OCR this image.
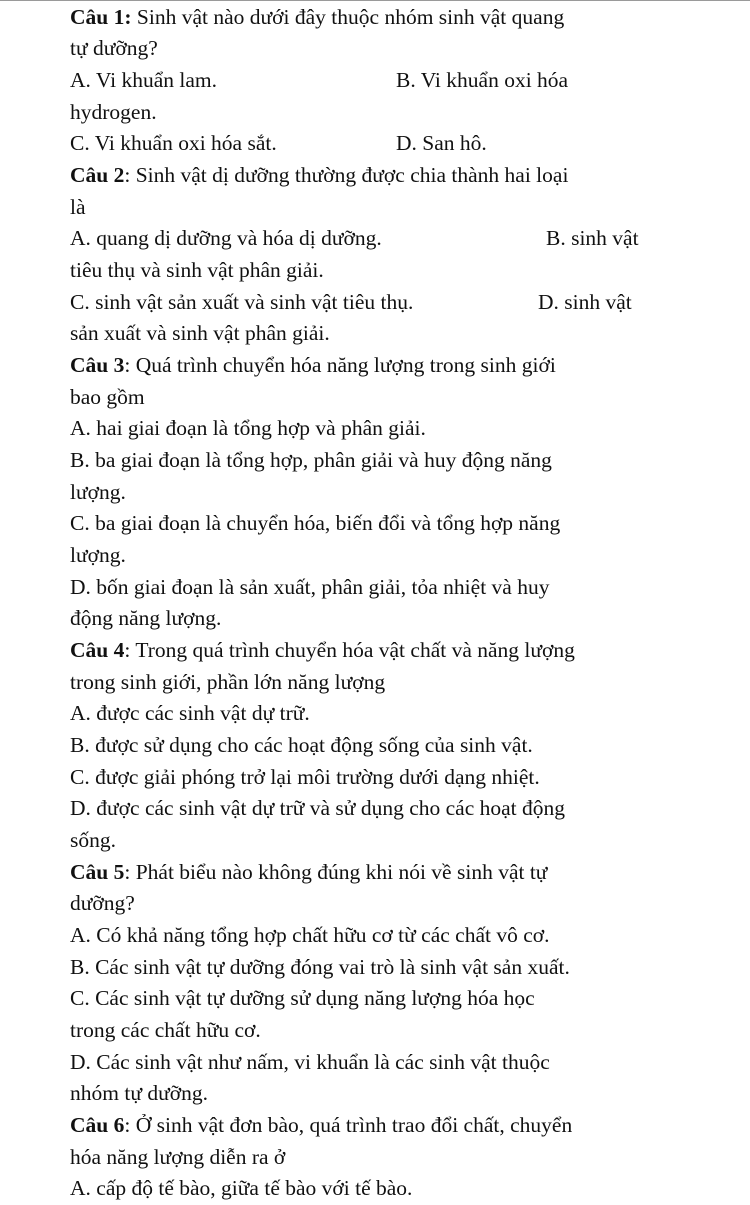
Câu 1: Sinh vật nào dưới đây thuộc nhóm sinh vật quang
tự dưỡng?
A. Vi khuẩn lam.	B. Vi khuẩn oxi hóa
hydrogen.
C. Vi khuẩn oxi hóa sắt.	D. San hô.
Câu 2: Sinh vật dị dưỡng thường được chia thành hai loại
là
A. quang dị dưỡng và hóa dị dưỡng.	B. sinh vật
tiêu thụ và sinh vật phân giải.
C. sinh vật sản xuất và sinh vật tiêu thụ.	D. sinh vật
sản xuất và sinh vật phân giải.
Câu 3: Quá trình chuyển hóa năng lượng trong sinh giới
bao gồm
A. hai giai đoạn là tổng hợp và phân giải.
B. ba giai đoạn là tổng hợp, phân giải và huy động năng
lượng.
C. ba giai đoạn là chuyển hóa, biến đổi và tổng hợp năng
lượng.
D. bốn giai đoạn là sản xuất, phân giải, tỏa nhiệt và huy
động năng lượng.
Câu 4: Trong quá trình chuyển hóa vật chất và năng lượng
trong sinh giới, phần lớn năng lượng
A. được các sinh vật dự trữ.
B. được sử dụng cho các hoạt động sống của sinh vật.
C. được giải phóng trở lại môi trường dưới dạng nhiệt.
D. được các sinh vật dự trữ và sử dụng cho các hoạt động
sống.
Câu 5: Phát biểu nào không đúng khi nói về sinh vật tự
dưỡng?
A. Có khả năng tổng hợp chất hữu cơ từ các chất vô cơ.
B. Các sinh vật tự dưỡng đóng vai trò là sinh vật sản xuất.
C. Các sinh vật tự dưỡng sử dụng năng lượng hóa học
trong các chất hữu cơ.
D. Các sinh vật như nấm, vi khuẩn là các sinh vật thuộc
nhóm tự dưỡng.
Câu 6: Ở sinh vật đơn bào, quá trình trao đổi chất, chuyển
hóa năng lượng diễn ra ở
A. cấp độ tế bào, giữa tế bào với tế bào.
